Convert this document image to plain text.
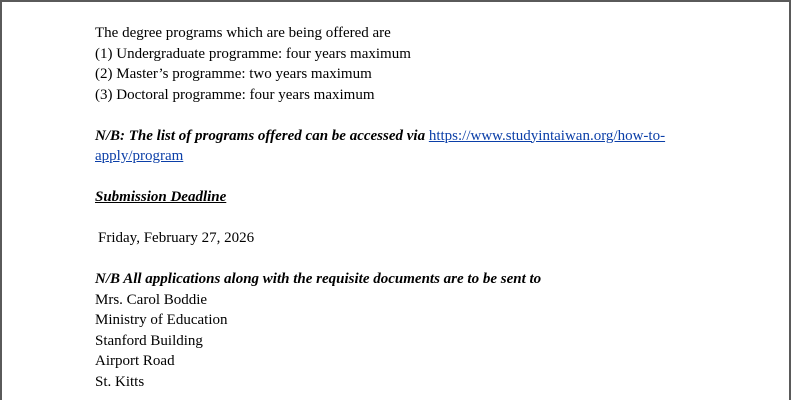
The degree programs which are being offered are
(1) Undergraduate programme: four years maximum
(2) Master’s programme: two years maximum
(3) Doctoral programme: four years maximum
N/B: The list of programs offered can be accessed via https://www.studyintaiwan.org/how-to-
apply/program
Submission Deadline
Friday, February 27, 2026
N/B All applications along with the requisite documents are to be sent to
Mrs. Carol Boddie
Ministry of Education
Stanford Building
Airport Road
St. Kitts
